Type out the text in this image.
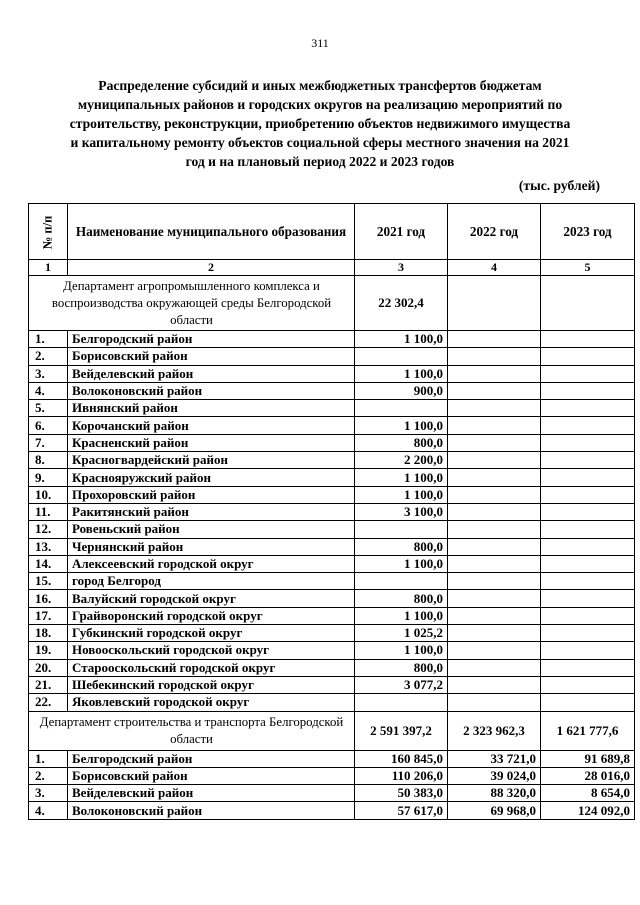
311
Распределение субсидий и иных межбюджетных трансфертов бюджетам
муниципальных районов и городских округов на реализацию мероприятий по
строительству, реконструкции, приобретению объектов недвижимого имущества
и капитальному ремонту объектов социальной сферы местного значения на 2021
год и на плановый период 2022 и 2023 годов
(тыс. рублей)
№ п/п	Наименование муниципального образования	2021 год	2022 год	2023 год
1	2	3	4	5
Департамент агропромышленного комплекса и воспроизводства окружающей среды Белгородской области		22 302,4		
1.	Белгородский район	1 100,0		
2.	Борисовский район			
3.	Вейделевский район	1 100,0		
4.	Волоконовский район	900,0		
5.	Ивнянский район			
6.	Корочанский район	1 100,0		
7.	Красненский район	800,0		
8.	Красногвардейский район	2 200,0		
9.	Краснояружский район	1 100,0		
10.	Прохоровский район	1 100,0		
11.	Ракитянский район	3 100,0		
12.	Ровеньский район			
13.	Чернянский район	800,0		
14.	Алексеевский городской округ	1 100,0		
15.	город Белгород			
16.	Валуйский городской округ	800,0		
17.	Грайворонский городской округ	1 100,0		
18.	Губкинский городской округ	1 025,2		
19.	Новооскольский городской округ	1 100,0		
20.	Старооскольский городской округ	800,0		
21.	Шебекинский городской округ	3 077,2		
22.	Яковлевский городской округ			
Департамент строительства и транспорта Белгородской области		2 591 397,2	2 323 962,3	1 621 777,6
1.	Белгородский район	160 845,0	33 721,0	91 689,8
2.	Борисовский район	110 206,0	39 024,0	28 016,0
3.	Вейделевский район	50 383,0	88 320,0	8 654,0
4.	Волоконовский район	57 617,0	69 968,0	124 092,0
